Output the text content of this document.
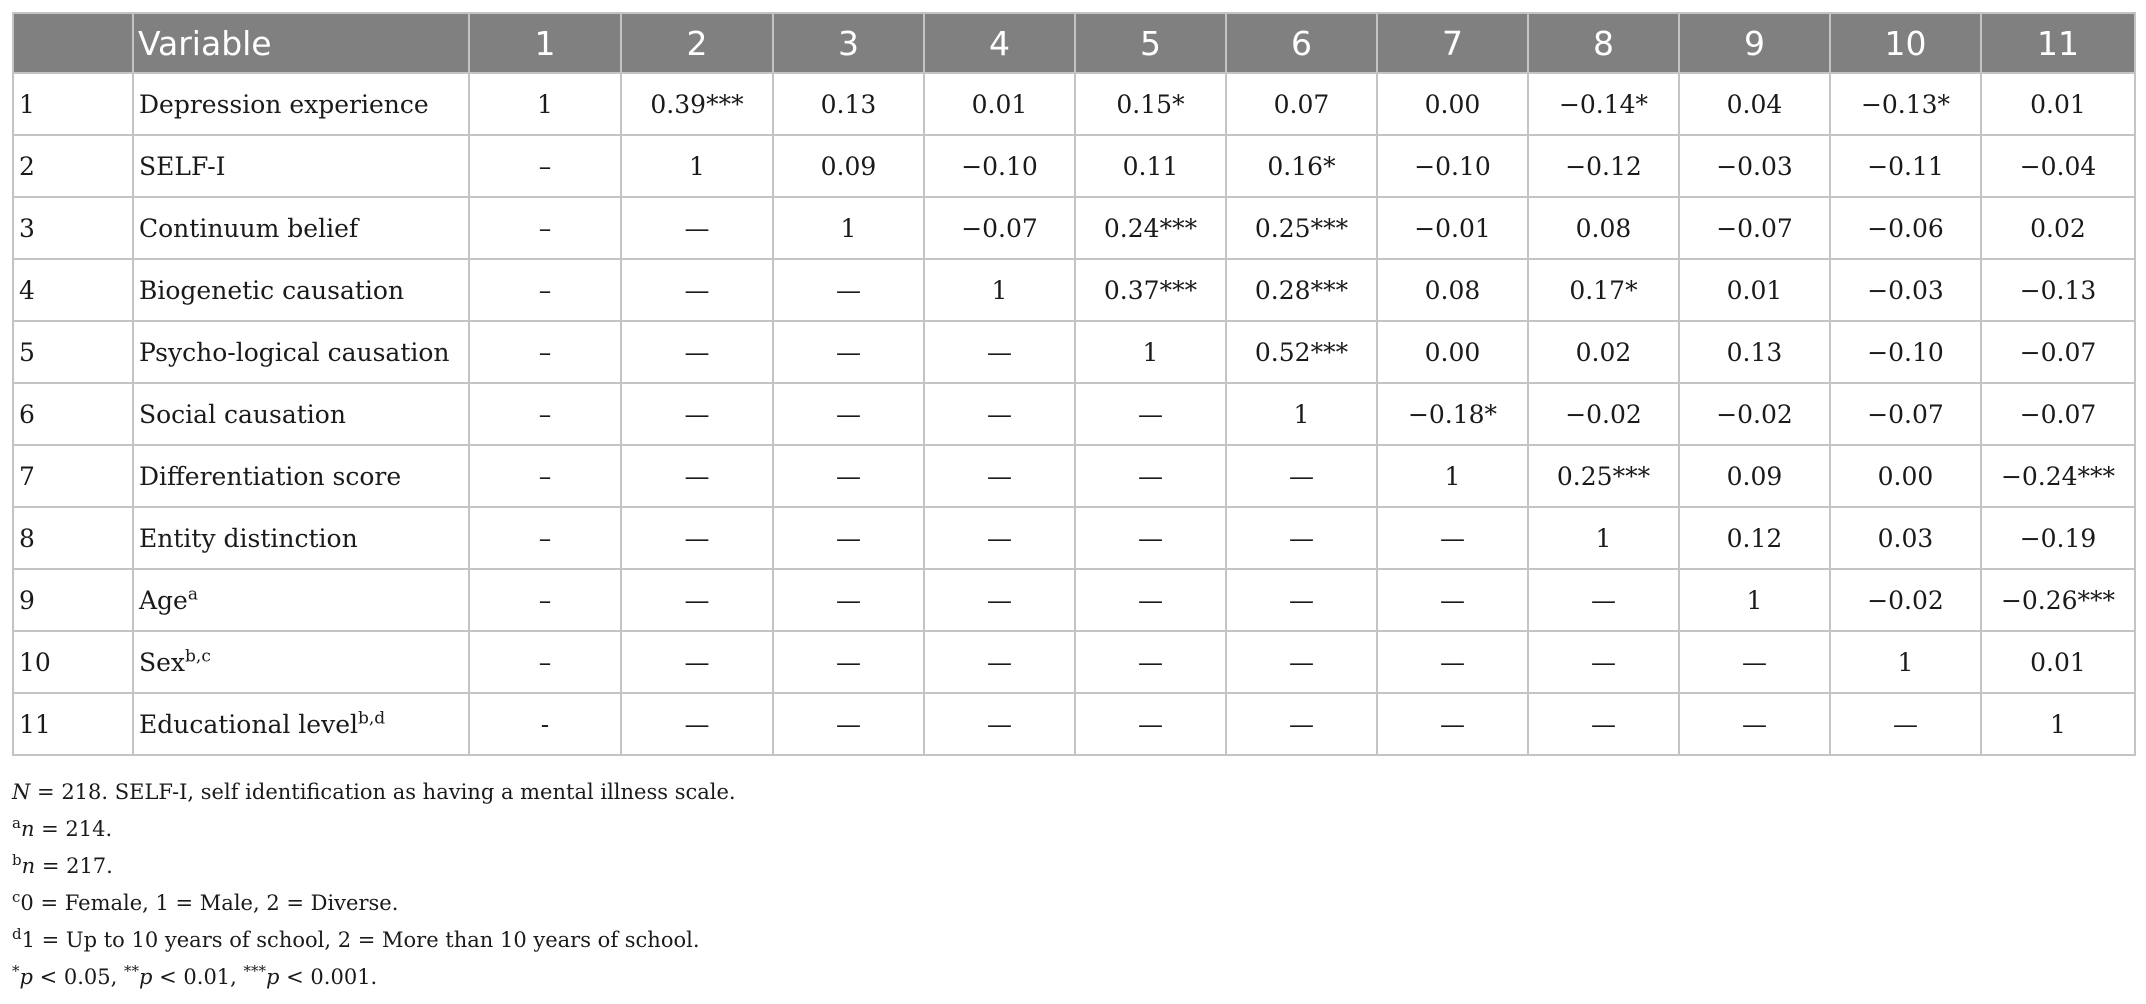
	Variable	1	2	3	4	5	6	7	8	9	10	11
1	Depression experience	1	0.39***	0.13	0.01	0.15*	0.07	0.00	−0.14*	0.04	−0.13*	0.01
2	SELF-I	–	1	0.09	−0.10	0.11	0.16*	−0.10	−0.12	−0.03	−0.11	−0.04
3	Continuum belief	–	—	1	−0.07	0.24***	0.25***	−0.01	0.08	−0.07	−0.06	0.02
4	Biogenetic causation	–	—	—	1	0.37***	0.28***	0.08	0.17*	0.01	−0.03	−0.13
5	Psycho-logical causation	–	—	—	—	1	0.52***	0.00	0.02	0.13	−0.10	−0.07
6	Social causation	–	—	—	—	—	1	−0.18*	−0.02	−0.02	−0.07	−0.07
7	Differentiation score	–	—	—	—	—	—	1	0.25***	0.09	0.00	−0.24***
8	Entity distinction	–	—	—	—	—	—	—	1	0.12	0.03	−0.19
9	Age$^a$	–	—	—	—	—	—	—	—	1	−0.02	−0.26***
10	Sex$^{b,c}$	–	—	—	—	—	—	—	—	—	1	0.01
11	Educational level$^{b,d}$	-	—	—	—	—	—	—	—	—	—	1
N = 218. SELF-I, self identification as having a mental illness scale.
$^a$n = 214.
$^b$n = 217.
$^c$0 = Female, 1 = Male, 2 = Diverse.
$^d$1 = Up to 10 years of school, 2 = More than 10 years of school.
*p < 0.05, **p < 0.01, ***p < 0.001.
